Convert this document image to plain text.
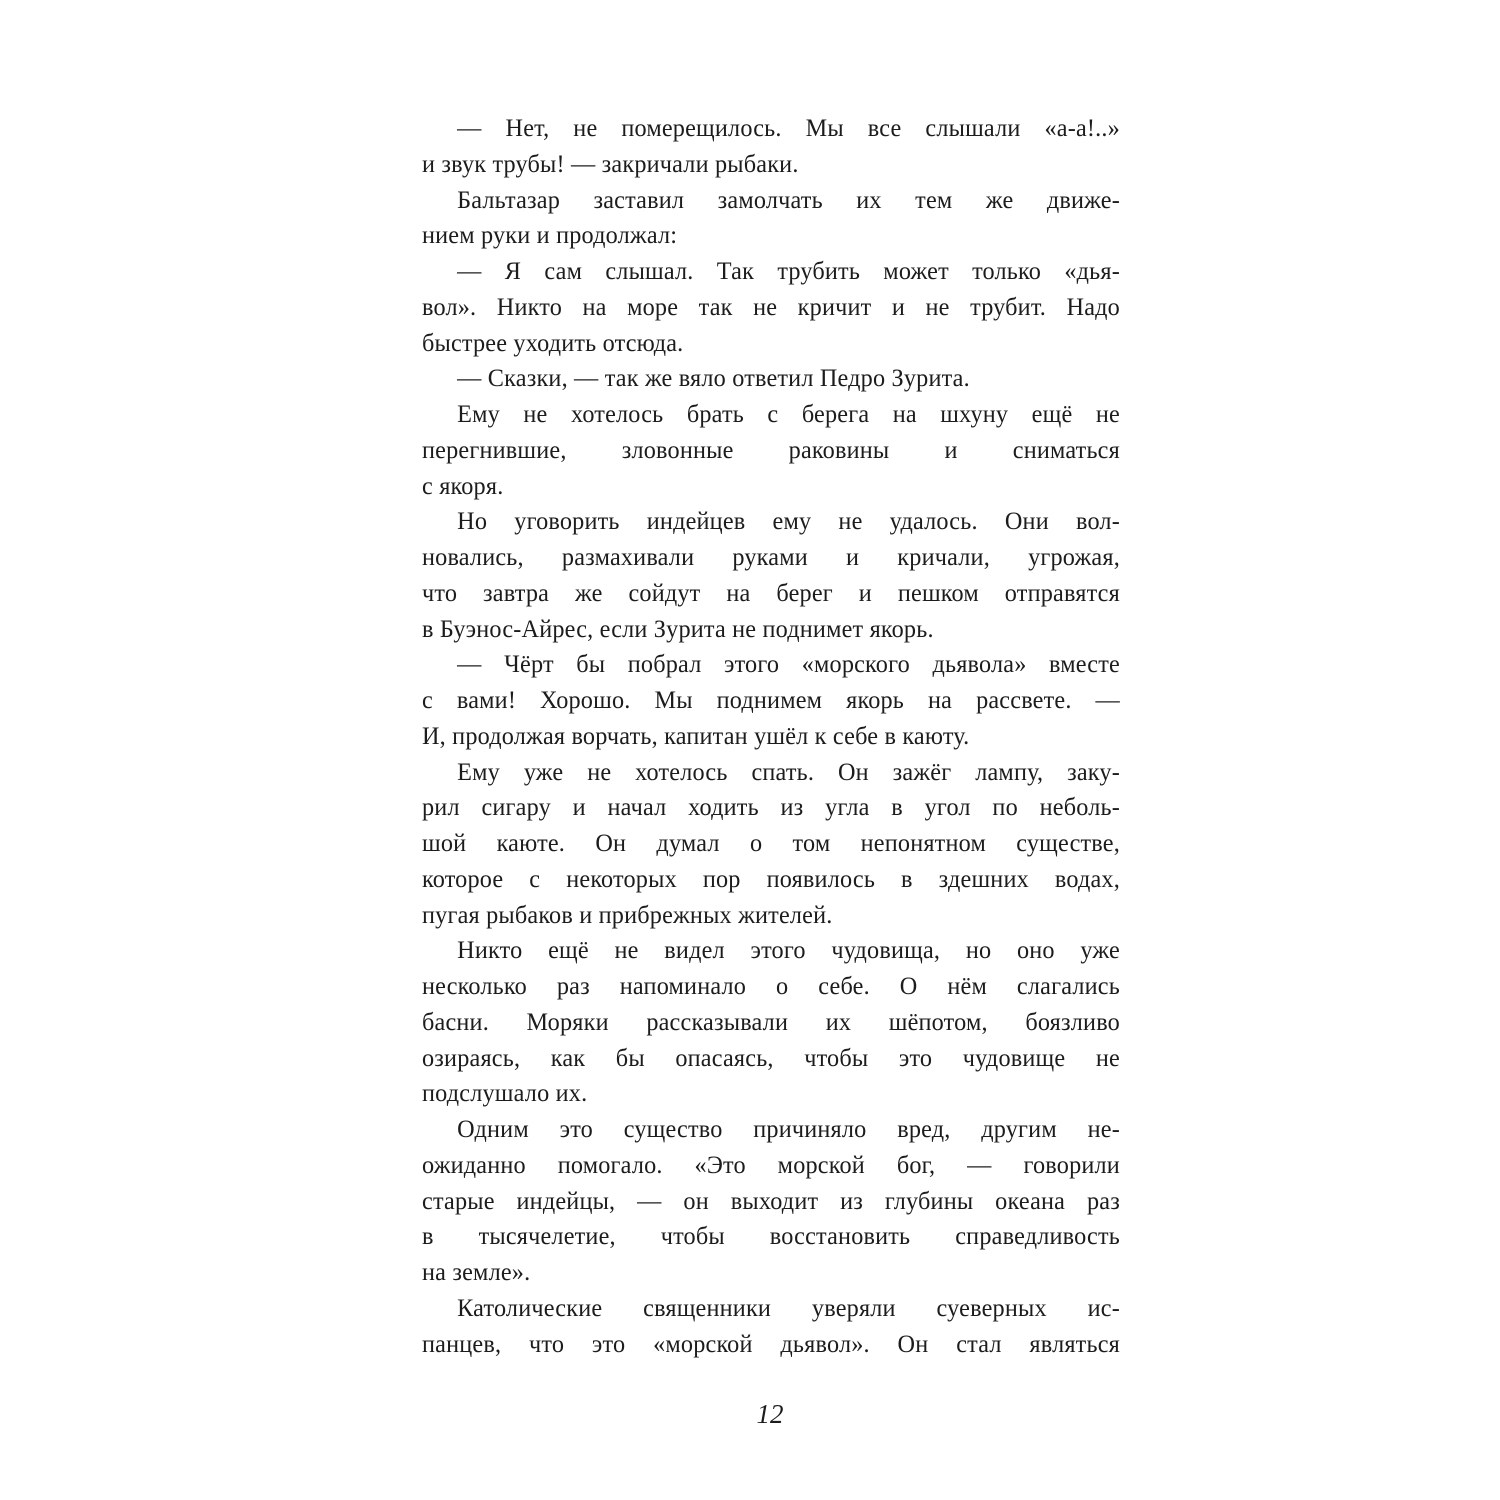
— Нет, не померещилось. Мы все слышали «а-а!..»
и звук трубы! — закричали рыбаки.
Бальтазар заставил замолчать их тем же движе-
нием руки и продолжал:
— Я сам слышал. Так трубить может только «дья-
вол». Никто на море так не кричит и не трубит. Надо
быстрее уходить отсюда.
— Сказки, — так же вяло ответил Педро Зурита.
Ему не хотелось брать с берега на шхуну ещё не
перегнившие, зловонные раковины и сниматься
с якоря.
Но уговорить индейцев ему не удалось. Они вол-
новались, размахивали руками и кричали, угрожая,
что завтра же сойдут на берег и пешком отправятся
в Буэнос-Айрес, если Зурита не поднимет якорь.
— Чёрт бы побрал этого «морского дьявола» вместе
с вами! Хорошо. Мы поднимем якорь на рассвете. —
И, продолжая ворчать, капитан ушёл к себе в каюту.
Ему уже не хотелось спать. Он зажёг лампу, заку-
рил сигару и начал ходить из угла в угол по неболь-
шой каюте. Он думал о том непонятном существе,
которое с некоторых пор появилось в здешних водах,
пугая рыбаков и прибрежных жителей.
Никто ещё не видел этого чудовища, но оно уже
несколько раз напоминало о себе. О нём слагались
басни. Моряки рассказывали их шёпотом, боязливо
озираясь, как бы опасаясь, чтобы это чудовище не
подслушало их.
Одним это существо причиняло вред, другим не-
ожиданно помогало. «Это морской бог, — говорили
старые индейцы, — он выходит из глубины океана раз
в тысячелетие, чтобы восстановить справедливость
на земле».
Католические священники уверяли суеверных ис-
панцев, что это «морской дьявол». Он стал являться
12
